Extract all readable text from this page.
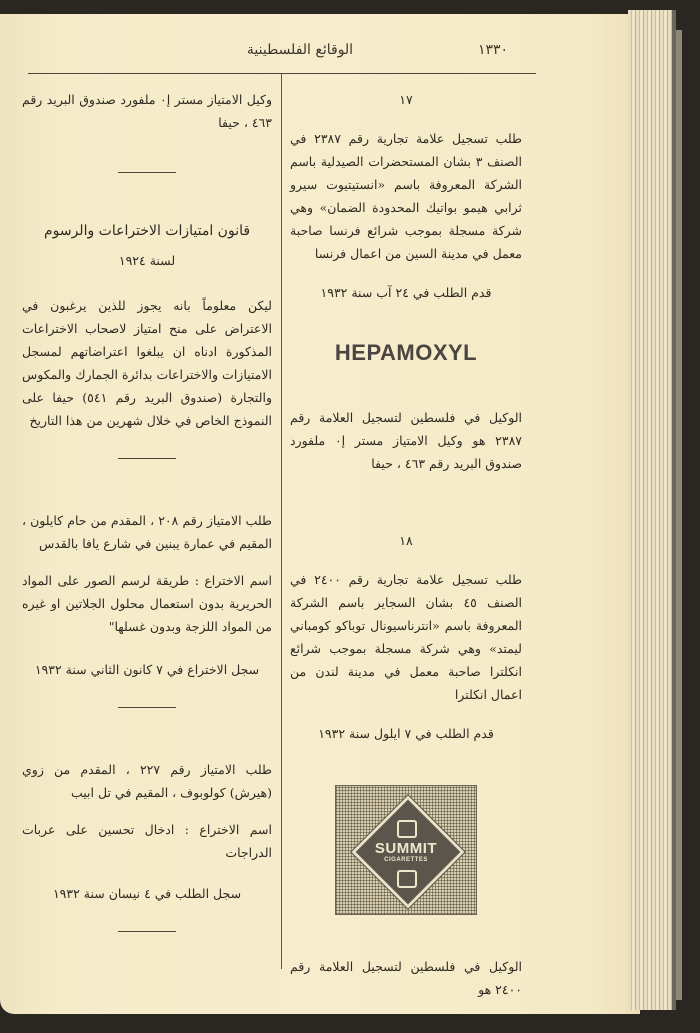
الوقائع الفلسطينية	١٣٣٠
وكيل الامتياز مستر إ٠ ملفورد صندوق البريد رقم ٤٦٣ ، حيفا
قانون امتيازات الاختراعات والرسوم
لسنة ١٩٢٤
ليكن معلوماً بانه يجوز للذين يرغبون في الاعتراض على منح امتياز لاصحاب الاختراعات المذكورة ادناه ان يبلغوا اعتراضاتهم لمسجل الامتيازات والاختراعات بدائرة الجمارك والمكوس والتجارة (صندوق البريد رقم ٥٤١) حيفا على النموذج الخاص في خلال شهرين من هذا التاريخ
طلب الامتياز رقم ٢٠٨ ، المقدم من حام كايلون ، المقيم في عمارة يبنين في شارع يافا بالقدس
اسم الاختراع : طريقة لرسم الصور على المواد الحريرية بدون استعمال محلول الجلاتين او غيره من المواد اللزجة وبدون غسلها"
سجل الاختراع في ٧ كانون الثاني سنة ١٩٣٢
طلب الامتياز رقم ٢٢٧ ، المقدم من زوي (هيرش) كولوبوف ، المقيم في تل ابيب
اسم الاختراع : ادخال تحسين على عربات الدراجات
سجل الطلب في ٤ نيسان سنة ١٩٣٢
١٧
طلب تسجيل علامة تجارية رقم ٢٣٨٧ في الصنف ٣ بشان المستحضرات الصيدلية باسم الشركة المعروفة باسم «انستيتيوت سيرو ثرابي هيمو بواتيك المحدودة الضمان» وهي شركة مسجلة بموجب شرائع فرنسا صاحبة معمل في مدينة السين من اعمال فرنسا
قدم الطلب في ٢٤ آب سنة ١٩٣٢
HEPAMOXYL
الوكيل في فلسطين لتسجيل العلامة رقم ٢٣٨٧ هو وكيل الامتياز مستر إ٠ ملفورد صندوق البريد رقم ٤٦٣ ، حيفا
١٨
طلب تسجيل علامة تجارية رقم ٢٤٠٠ في الصنف ٤٥ بشان السجاير باسم الشركة المعروفة باسم «انترناسيونال توباكو كومباني ليمتد» وهي شركة مسجلة بموجب شرائع انكلترا صاحبة معمل في مدينة لندن من اعمال انكلترا
قدم الطلب في ٧ ايلول سنة ١٩٣٢
SUMMIT
CIGARETTES
الوكيل في فلسطين لتسجيل العلامة رقم ٢٤٠٠ هو
